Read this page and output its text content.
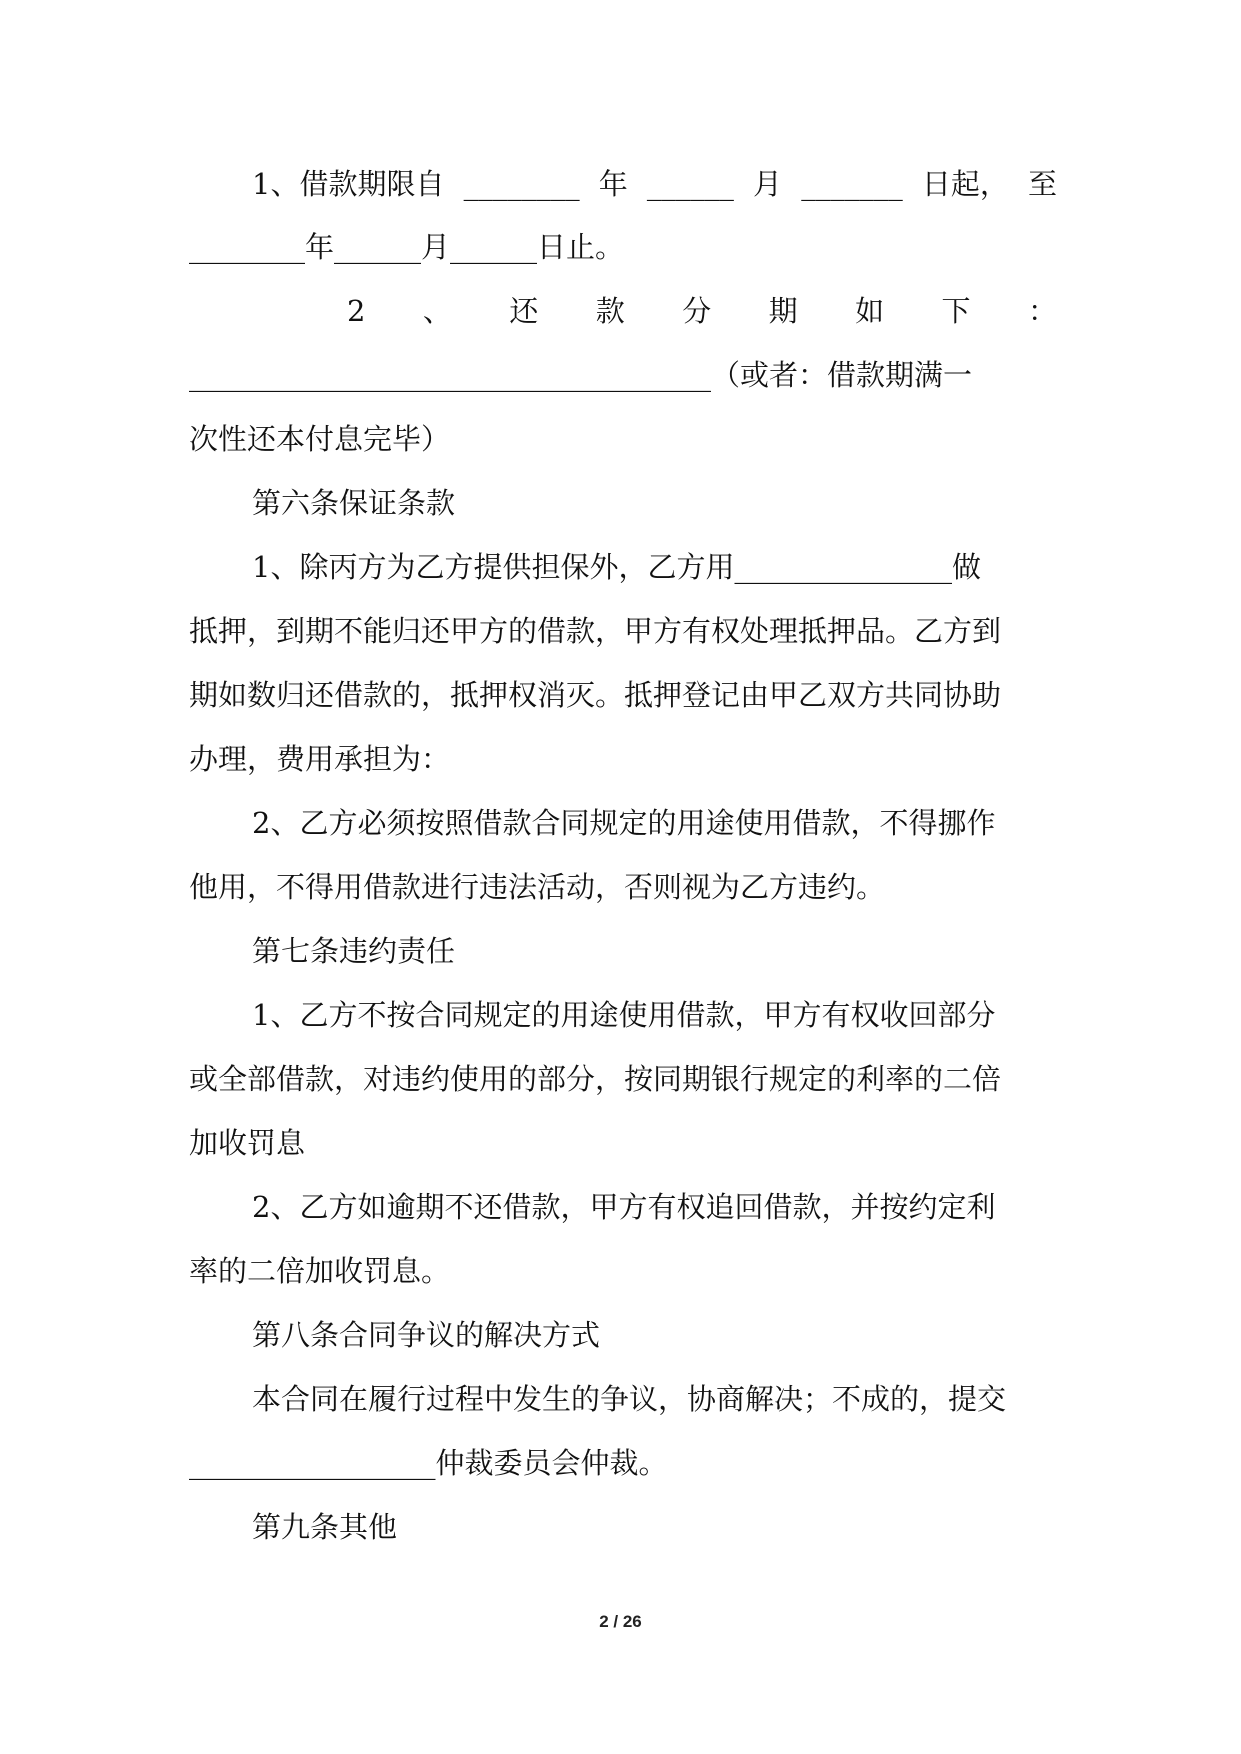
1、借款期限自 ________ 年 ______ 月 _______ 日起， 至
________年______月______日止。
2 、 还 款 分 期 如 下 ：
____________________________________（或者：借款期满一
次性还本付息完毕）
第六条保证条款
1、除丙方为乙方提供担保外，乙方用_______________做
抵押，到期不能归还甲方的借款，甲方有权处理抵押品。乙方到
期如数归还借款的，抵押权消灭。抵押登记由甲乙双方共同协助
办理，费用承担为：
2、乙方必须按照借款合同规定的用途使用借款，不得挪作
他用，不得用借款进行违法活动，否则视为乙方违约。
第七条违约责任
1、乙方不按合同规定的用途使用借款，甲方有权收回部分
或全部借款，对违约使用的部分，按同期银行规定的利率的二倍
加收罚息
2、乙方如逾期不还借款，甲方有权追回借款，并按约定利
率的二倍加收罚息。
第八条合同争议的解决方式
本合同在履行过程中发生的争议，协商解决；不成的，提交
_________________仲裁委员会仲裁。
第九条其他
2 / 26
